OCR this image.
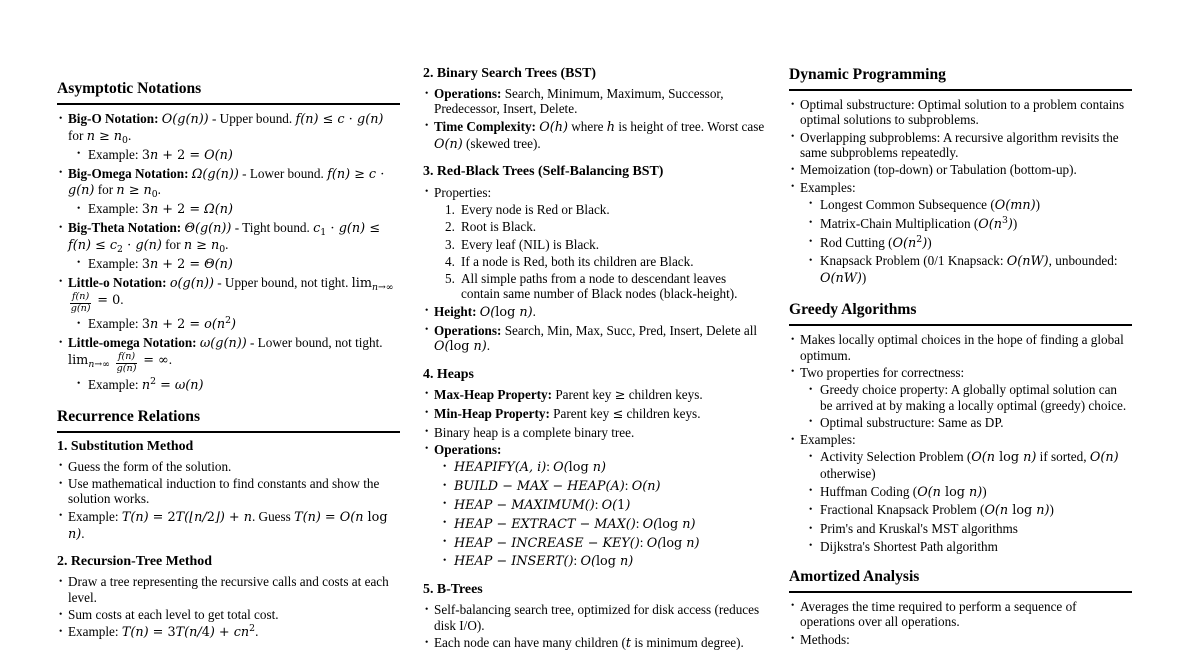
Asymptotic Notations
• Big-O Notation: O(g(n)) - Upper bound. f(n) ≤ c ⋅ g(n) for $n \ge n_0$.
• Example: 3n + 2 = O(n)
• Big-Omega Notation: Ω(g(n)) - Lower bound. f(n) ≥ c ⋅ g(n) for $n \ge n_0$.
• Example: 3n + 2 = Ω(n)
• Big-Theta Notation: Θ(g(n)) - Tight bound. $c_1 \cdot g(n) \le f(n) \le c_2 \cdot g(n)$ for $n \ge n_0$.
• Example: 3n + 2 = Θ(n)
• Little-o Notation: o(g(n)) - Upper bound, not tight. $\lim_{n\to\infty}$
$\frac{f(n)}{g(n)} = 0$.
• Example: $3n + 2 = o(n^2)$
• Little-omega Notation: ω(g(n)) - Lower bound, not tight. $\lim_{n\to\infty} \frac{f(n)}{g(n)}$ = ∞.
• Example: $n^2 = \omega(n)$
Recurrence Relations
1. Substitution Method
• Guess the form of the solution.
• Use mathematical induction to find constants and show the solution works.
• Example: T(n) = 2T(⌊n/2⌋) + n. Guess T(n) = O(n log n).
2. Recursion-Tree Method
• Draw a tree representing the recursive calls and costs at each level.
• Sum costs at each level to get total cost.
• Example: $T(n) = 3T(n/4) + cn^2$.
2. Binary Search Trees (BST)
• Operations: Search, Minimum, Maximum, Successor, Predecessor, Insert, Delete.
• Time Complexity: O(h) where h is height of tree. Worst case O(n) (skewed tree).
3. Red-Black Trees (Self-Balancing BST)
• Properties:
1. Every node is Red or Black.
2. Root is Black.
3. Every leaf (NIL) is Black.
4. If a node is Red, both its children are Black.
5. All simple paths from a node to descendant leaves contain same number of Black nodes (black-height).
• Height: O(log n).
• Operations: Search, Min, Max, Succ, Pred, Insert, Delete all O(log n).
4. Heaps
• Max-Heap Property: Parent key ≥ children keys.
• Min-Heap Property: Parent key ≤ children keys.
• Binary heap is a complete binary tree.
• Operations:
• HEAPIFY(A, i): O(log n)
• BUILD − MAX − HEAP(A): O(n)
• HEAP − MAXIMUM(): O(1)
• HEAP − EXTRACT − MAX(): O(log n)
• HEAP − INCREASE − KEY(): O(log n)
• HEAP − INSERT(): O(log n)
5. B-Trees
• Self-balancing search tree, optimized for disk access (reduces disk I/O).
• Each node can have many children (t is minimum degree).
Dynamic Programming
• Optimal substructure: Optimal solution to a problem contains optimal solutions to subproblems.
• Overlapping subproblems: A recursive algorithm revisits the same subproblems repeatedly.
• Memoization (top-down) or Tabulation (bottom-up).
• Examples:
• Longest Common Subsequence (O(mn))
• Matrix-Chain Multiplication $(O(n^3))$
• Rod Cutting $(O(n^2))$
• Knapsack Problem (0/1 Knapsack: O(nW), unbounded: O(nW))
Greedy Algorithms
• Makes locally optimal choices in the hope of finding a global optimum.
• Two properties for correctness:
• Greedy choice property: A globally optimal solution can be arrived at by making a locally optimal (greedy) choice.
• Optimal substructure: Same as DP.
• Examples:
• Activity Selection Problem (O(n log n) if sorted, O(n) otherwise)
• Huffman Coding (O(n log n))
• Fractional Knapsack Problem (O(n log n))
• Prim's and Kruskal's MST algorithms
• Dijkstra's Shortest Path algorithm
Amortized Analysis
• Averages the time required to perform a sequence of operations over all operations.
• Methods:
